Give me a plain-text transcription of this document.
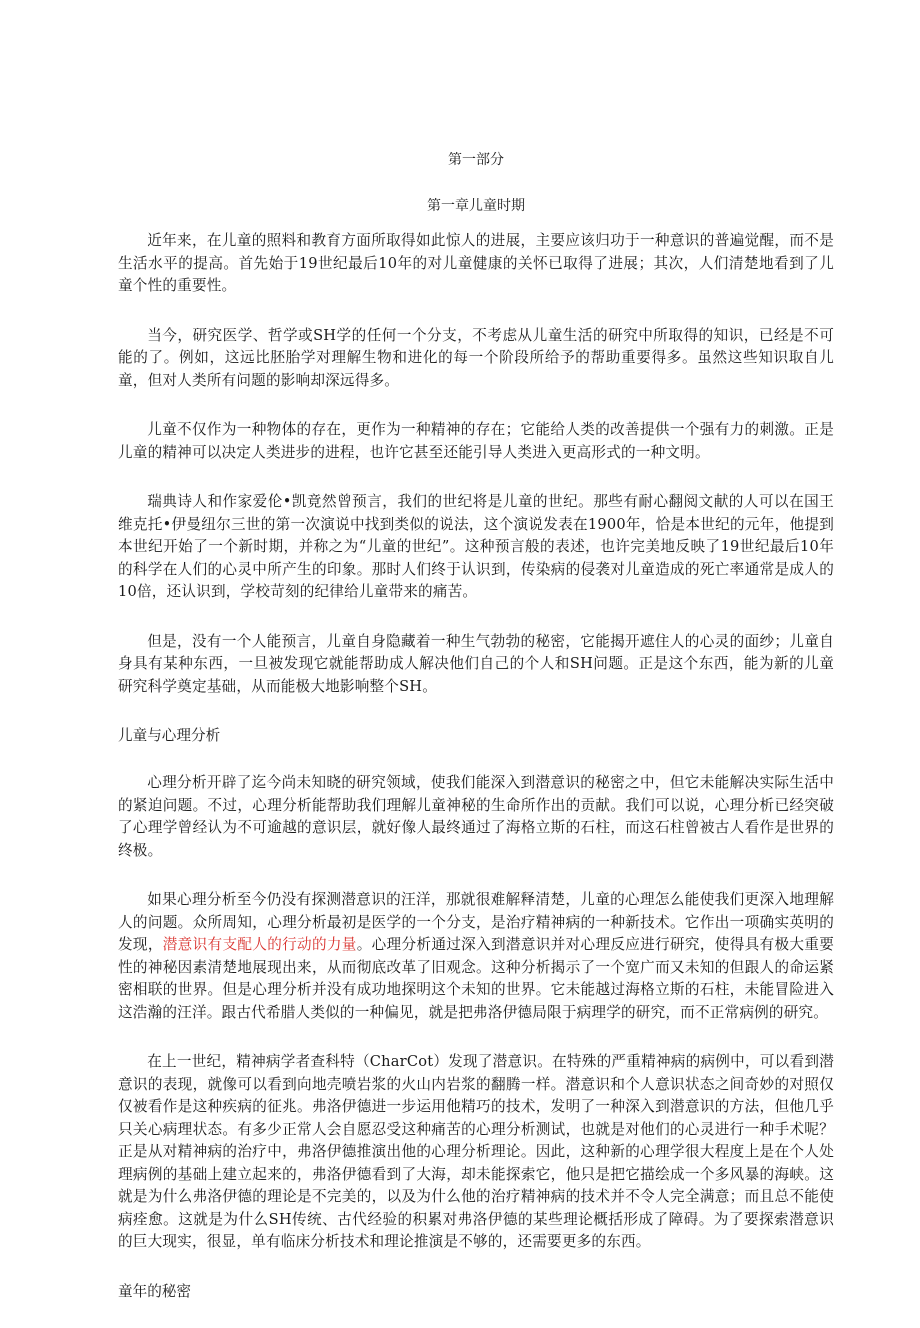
第一部分
第一章儿童时期

近年来，在儿童的照料和教育方面所取得如此惊人的进展，主要应该归功于一种意识的普遍觉醒，而不是生活水平的提高。首先始于19世纪最后10年的对儿童健康的关怀已取得了进展；其次，人们清楚地看到了儿童个性的重要性。

当今，研究医学、哲学或SH学的任何一个分支，不考虑从儿童生活的研究中所取得的知识，已经是不可能的了。例如，这远比胚胎学对理解生物和进化的每一个阶段所给予的帮助重要得多。虽然这些知识取自儿童，但对人类所有问题的影响却深远得多。

儿童不仅作为一种物体的存在，更作为一种精神的存在；它能给人类的改善提供一个强有力的刺激。正是儿童的精神可以决定人类进步的进程，也许它甚至还能引导人类进入更高形式的一种文明。

瑞典诗人和作家爱伦•凯竟然曾预言，我们的世纪将是儿童的世纪。那些有耐心翻阅文献的人可以在国王维克托•伊曼纽尔三世的第一次演说中找到类似的说法，这个演说发表在1900年，恰是本世纪的元年，他提到本世纪开始了一个新时期，并称之为“儿童的世纪”。这种预言般的表述，也许完美地反映了19世纪最后10年的科学在人们的心灵中所产生的印象。那时人们终于认识到，传染病的侵袭对儿童造成的死亡率通常是成人的10倍，还认识到，学校苛刻的纪律给儿童带来的痛苦。

但是，没有一个人能预言，儿童自身隐藏着一种生气勃勃的秘密，它能揭开遮住人的心灵的面纱；儿童自身具有某种东西，一旦被发现它就能帮助成人解决他们自己的个人和SH问题。正是这个东西，能为新的儿童研究科学奠定基础，从而能极大地影响整个SH。

儿童与心理分析

心理分析开辟了迄今尚未知晓的研究领域，使我们能深入到潜意识的秘密之中，但它未能解决实际生活中的紧迫问题。不过，心理分析能帮助我们理解儿童神秘的生命所作出的贡献。我们可以说，心理分析已经突破了心理学曾经认为不可逾越的意识层，就好像人最终通过了海格立斯的石柱，而这石柱曾被古人看作是世界的终极。

如果心理分析至今仍没有探测潜意识的汪洋，那就很难解释清楚，儿童的心理怎么能使我们更深入地理解人的问题。众所周知，心理分析最初是医学的一个分支，是治疗精神病的一种新技术。它作出一项确实英明的发现，潜意识有支配人的行动的力量。心理分析通过深入到潜意识并对心理反应进行研究，使得具有极大重要性的神秘因素清楚地展现出来，从而彻底改革了旧观念。这种分析揭示了一个宽广而又未知的但跟人的命运紧密相联的世界。但是心理分析并没有成功地探明这个未知的世界。它未能越过海格立斯的石柱，未能冒险进入这浩瀚的汪洋。跟古代希腊人类似的一种偏见，就是把弗洛伊德局限于病理学的研究，而不正常病例的研究。

在上一世纪，精神病学者查科特（CharCot）发现了潜意识。在特殊的严重精神病的病例中，可以看到潜意识的表现，就像可以看到向地壳喷岩浆的火山内岩浆的翻腾一样。潜意识和个人意识状态之间奇妙的对照仅仅被看作是这种疾病的征兆。弗洛伊德进一步运用他精巧的技术，发明了一种深入到潜意识的方法，但他几乎只关心病理状态。有多少正常人会自愿忍受这种痛苦的心理分析测试，也就是对他们的心灵进行一种手术呢？正是从对精神病的治疗中，弗洛伊德推演出他的心理分析理论。因此，这种新的心理学很大程度上是在个人处理病例的基础上建立起来的，弗洛伊德看到了大海，却未能探索它，他只是把它描绘成一个多风暴的海峡。这就是为什么弗洛伊德的理论是不完美的，以及为什么他的治疗精神病的技术并不令人完全满意；而且总不能使病痊愈。这就是为什么SH传统、古代经验的积累对弗洛伊德的某些理论概括形成了障碍。为了要探索潜意识的巨大现实，很显，单有临床分析技术和理论推演是不够的，还需要更多的东西。

童年的秘密
